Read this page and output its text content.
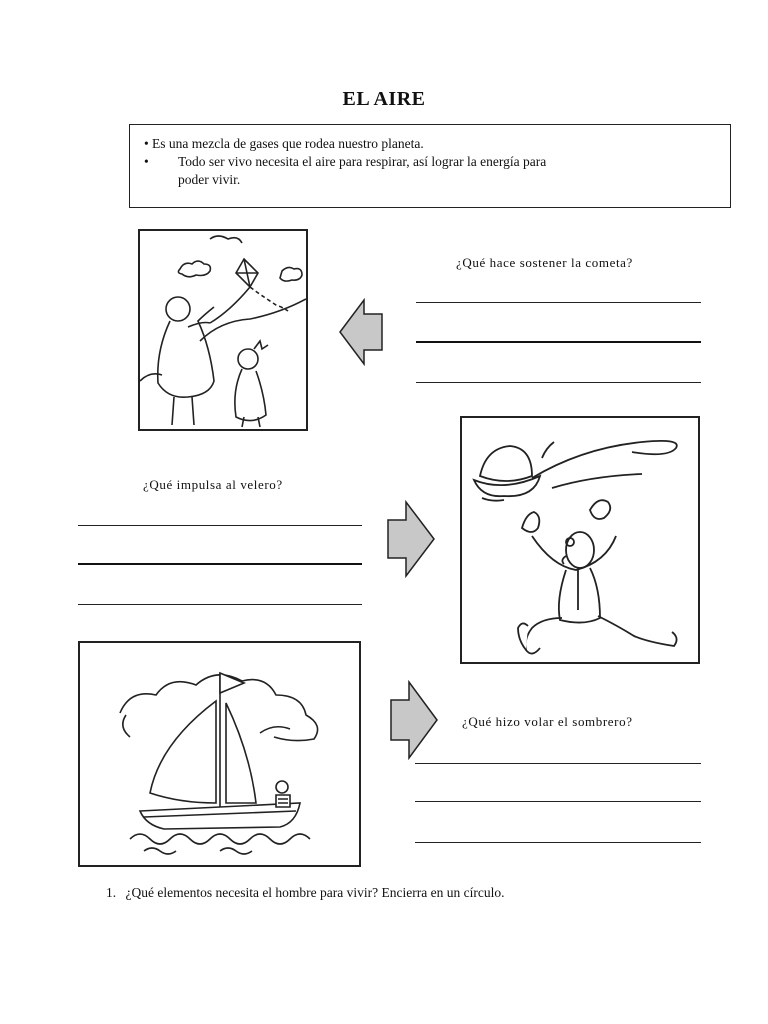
EL AIRE
• Es una mezcla de gases que rodea nuestro planeta.
• Todo ser vivo necesita el aire para respirar, así lograr la energía para
poder vivir.
¿Qué hace sostener la cometa?
¿Qué impulsa al velero?
¿Qué hizo volar el sombrero?
1. ¿Qué elementos necesita el hombre para vivir? Encierra en un círculo.
